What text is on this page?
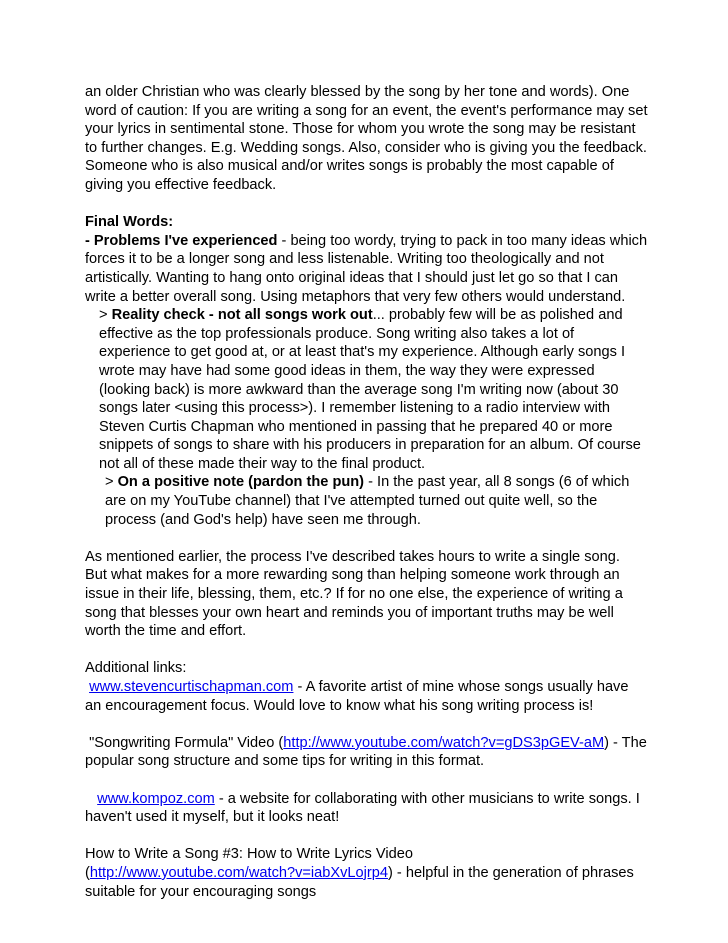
an older Christian who was clearly blessed by the song by her tone and words). One word of caution: If you are writing a song for an event, the event's performance may set your lyrics in sentimental stone. Those for whom you wrote the song may be resistant to further changes. E.g. Wedding songs. Also, consider who is giving you the feedback. Someone who is also musical and/or writes songs is probably the most capable of giving you effective feedback.

Final Words:

- Problems I've experienced - being too wordy, trying to pack in too many ideas which forces it to be a longer song and less listenable. Writing too theologically and not artistically. Wanting to hang onto original ideas that I should just let go so that I can write a better overall song. Using metaphors that very few others would understand.

> Reality check - not all songs work out... probably few will be as polished and effective as the top professionals produce. Song writing also takes a lot of experience to get good at, or at least that's my experience. Although early songs I wrote may have had some good ideas in them, the way they were expressed (looking back) is more awkward than the average song I'm writing now (about 30 songs later <using this process>). I remember listening to a radio interview with Steven Curtis Chapman who mentioned in passing that he prepared 40 or more snippets of songs to share with his producers in preparation for an album. Of course not all of these made their way to the final product.

> On a positive note (pardon the pun) - In the past year, all 8 songs (6 of which are on my YouTube channel) that I've attempted turned out quite well, so the process (and God's help) have seen me through.

As mentioned earlier, the process I've described takes hours to write a single song.

But what makes for a more rewarding song than helping someone work through an issue in their life, blessing, them, etc.? If for no one else, the experience of writing a song that blesses your own heart and reminds you of important truths may be well worth the time and effort.

Additional links:

www.stevencurtischapman.com - A favorite artist of mine whose songs usually have an encouragement focus. Would love to know what his song writing process is!

"Songwriting Formula" Video (http://www.youtube.com/watch?v=gDS3pGEV-aM) - The popular song structure and some tips for writing in this format.

www.kompoz.com - a website for collaborating with other musicians to write songs. I haven't used it myself, but it looks neat!

How to Write a Song #3: How to Write Lyrics Video

(http://www.youtube.com/watch?v=iabXvLojrp4) - helpful in the generation of phrases suitable for your encouraging songs
